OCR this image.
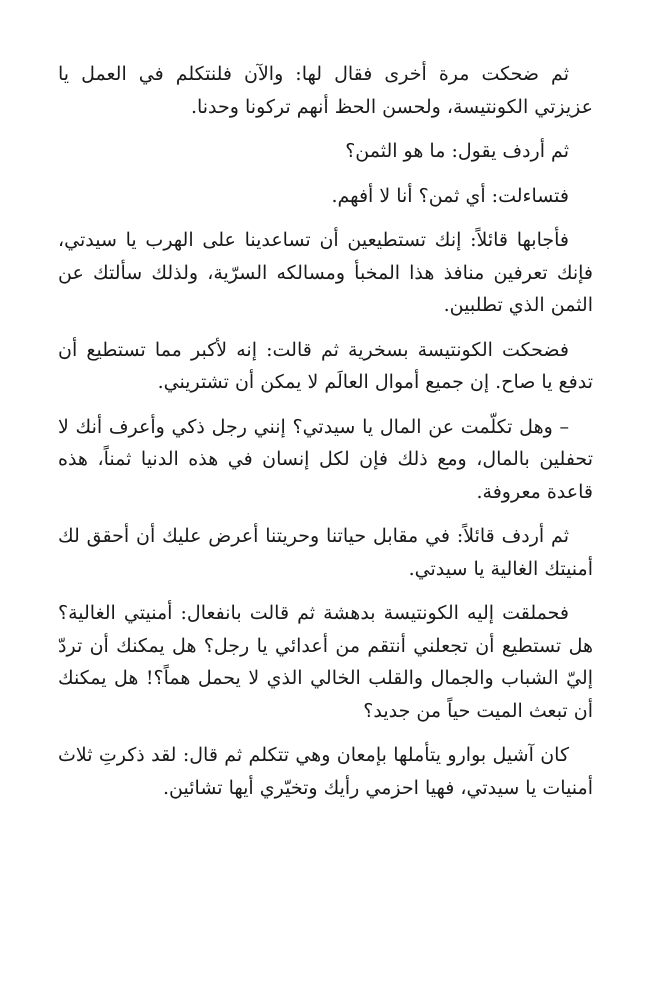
ثم ضحكت مرة أخرى فقال لها: والآن فلنتكلم في العمل يا عزيزتي الكونتيسة، ولحسن الحظ أنهم تركونا وحدنا.

ثم أردف يقول: ما هو الثمن؟

فتساءلت: أي ثمن؟ أنا لا أفهم.

فأجابها قائلاً: إنك تستطيعين أن تساعدينا على الهرب يا سيدتي، فإنك تعرفين منافذ هذا المخبأ ومسالكه السرّية، ولذلك سألتك عن الثمن الذي تطلبين.

فضحكت الكونتيسة بسخرية ثم قالت: إنه لأكبر مما تستطيع أن تدفع يا صاح. إن جميع أموال العالَم لا يمكن أن تشتريني.

– وهل تكلّمت عن المال يا سيدتي؟ إنني رجل ذكي وأعرف أنك لا تحفلين بالمال، ومع ذلك فإن لكل إنسان في هذه الدنيا ثمناً، هذه قاعدة معروفة.

ثم أردف قائلاً: في مقابل حياتنا وحريتنا أعرض عليك أن أحقق لك أمنيتك الغالية يا سيدتي.

فحملقت إليه الكونتيسة بدهشة ثم قالت بانفعال: أمنيتي الغالية؟ هل تستطيع أن تجعلني أنتقم من أعدائي يا رجل؟ هل يمكنك أن تردّ إليّ الشباب والجمال والقلب الخالي الذي لا يحمل هماً؟! هل يمكنك أن تبعث الميت حياً من جديد؟

كان آشيل بوارو يتأملها بإمعان وهي تتكلم ثم قال: لقد ذكرتِ ثلاث أمنيات يا سيدتي، فهيا احزمي رأيك وتخيّري أيها تشائين.
